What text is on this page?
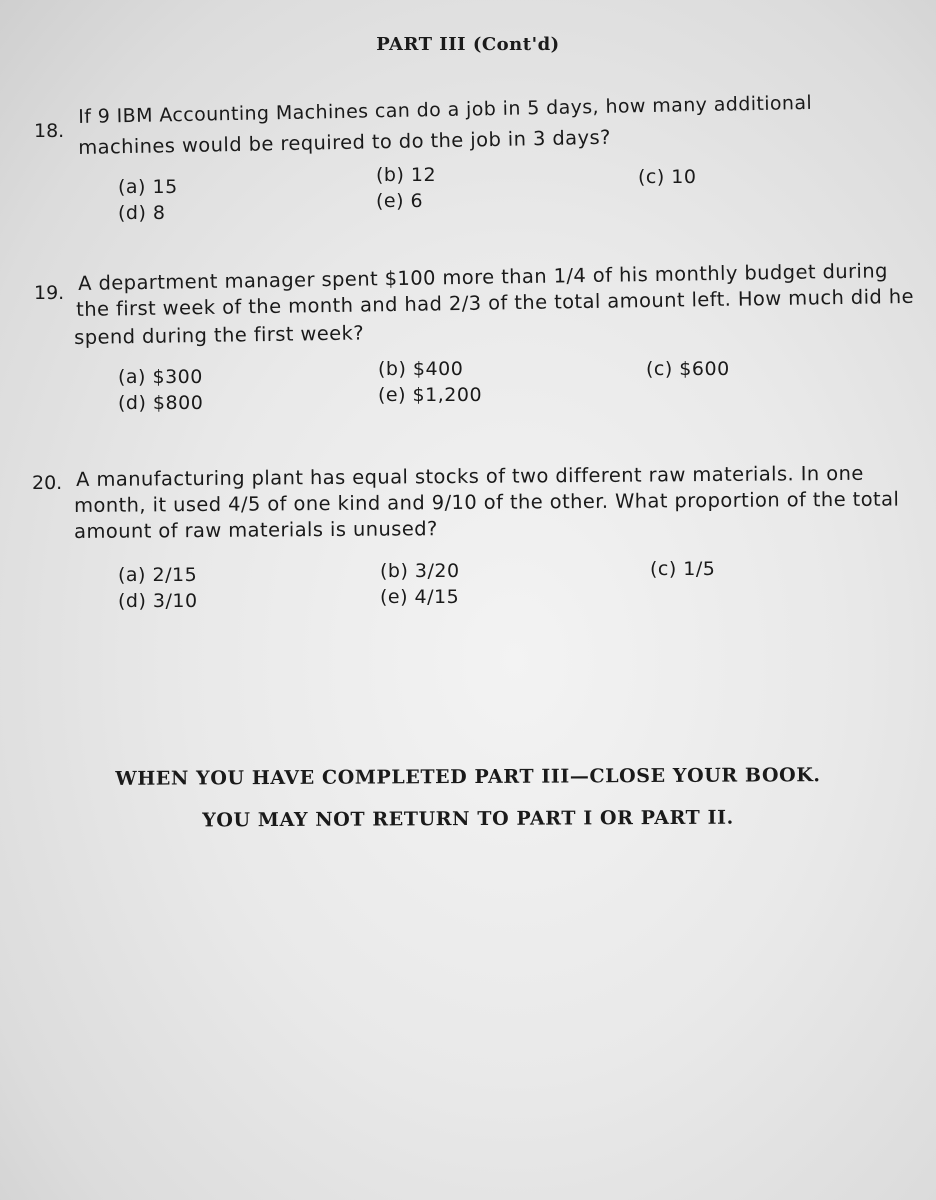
PART III (Cont'd)
18.
If 9 IBM Accounting Machines can do a job in 5 days, how many additional
machines would be required to do the job in 3 days?
(a) 15
(b) 12	(c) 10
(d) 8
(e) 6
19. A department manager spent $100 more than 1/4 of his monthly budget during
the first week of the month and had 2/3 of the total amount left. How much did he
spend during the first week?
(a) $300	(b) $400	(c) $600
(d) $800	(e) $1,200
20. A manufacturing plant has equal stocks of two different raw materials. In one
month, it used 4/5 of one kind and 9/10 of the other. What proportion of the total
amount of raw materials is unused?
(a) 2/15	(b) 3/20	(c) 1/5
(d) 3/10	(e) 4/15
WHEN YOU HAVE COMPLETED PART III—CLOSE YOUR BOOK.
YOU MAY NOT RETURN TO PART I OR PART II.
